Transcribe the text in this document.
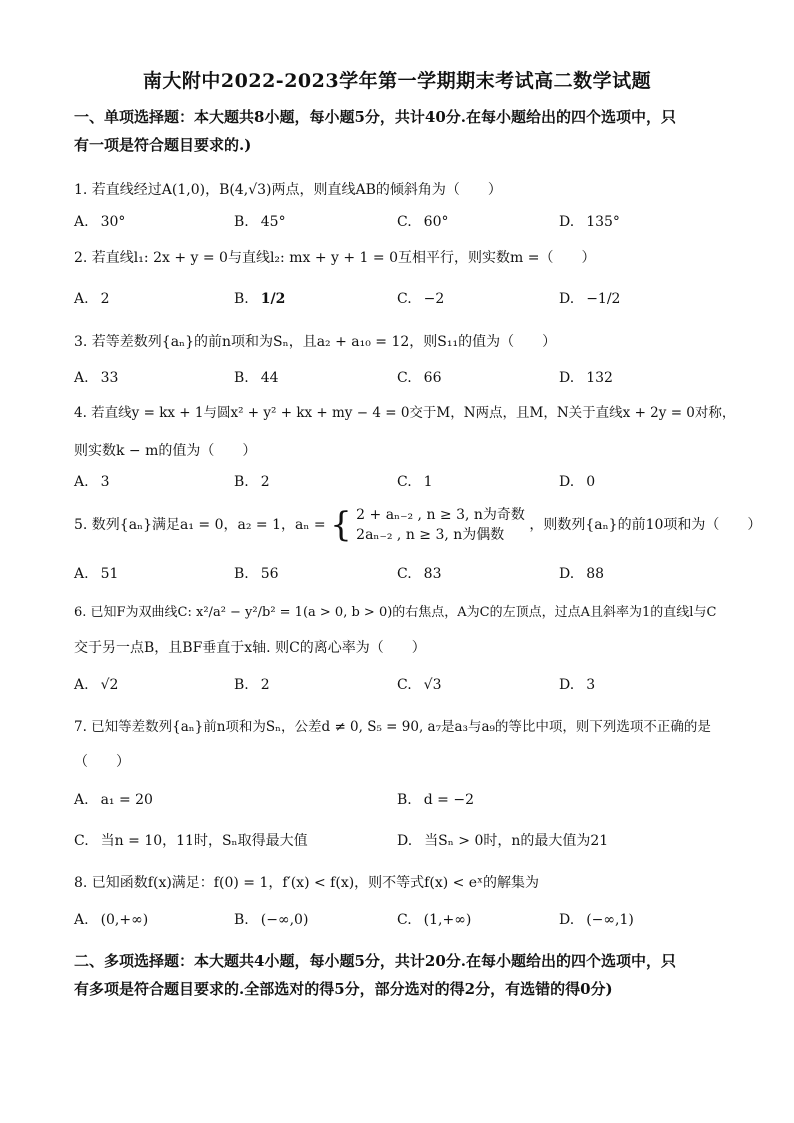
南大附中2022-2023学年第一学期期末考试高二数学试题
一、单项选择题：本大题共8小题，每小题5分，共计40分.在每小题给出的四个选项中，只
有一项是符合题目要求的.)
1. 若直线经过A(1,0)，B(4,√3)两点，则直线AB的倾斜角为（　　）
A. 30°	B. 45°	C. 60°	D. 135°
2. 若直线l₁: 2x + y = 0与直线l₂: mx + y + 1 = 0互相平行，则实数m =（　　）
A. 2	B. 1/2	C. −2	D. −1/2
3. 若等差数列{aₙ}的前n项和为Sₙ，且a₂ + a₁₀ = 12，则S₁₁的值为（　　）
A. 33	B. 44	C. 66	D. 132
4. 若直线y = kx + 1与圆x² + y² + kx + my − 4 = 0交于M，N两点，且M，N关于直线x + 2y = 0对称，
则实数k − m的值为（　　）
A. 3	B. 2	C. 1	D. 0
5. 数列{aₙ}满足a₁ = 0，a₂ = 1，aₙ = { 2 + aₙ₋₂ , n ≥ 3, n为奇数
2aₙ₋₂ , n ≥ 3, n为偶数
，则数列{aₙ}的前10项和为（　　）
A. 51	B. 56	C. 83	D. 88
6. 已知F为双曲线C: x²/a² − y²/b² = 1(a > 0, b > 0)的右焦点，A为C的左顶点，过点A且斜率为1的直线l与C
交于另一点B，且BF垂直于x轴. 则C的离心率为（　　）
A. √2	B. 2	C. √3	D. 3
7. 已知等差数列{aₙ}前n项和为Sₙ，公差d ≠ 0, S₅ = 90, a₇是a₃与a₉的等比中项，则下列选项不正确的是
（　　）
A. a₁ = 20	B. d = −2
C. 当n = 10，11时，Sₙ取得最大值	D. 当Sₙ > 0时，n的最大值为21
8. 已知函数f(x)满足：f(0) = 1，f′(x) < f(x)，则不等式f(x) < eˣ的解集为
A. (0,+∞)	B. (−∞,0)	C. (1,+∞)	D. (−∞,1)
二、多项选择题：本大题共4小题，每小题5分，共计20分.在每小题给出的四个选项中，只
有多项是符合题目要求的.全部选对的得5分，部分选对的得2分，有选错的得0分)
